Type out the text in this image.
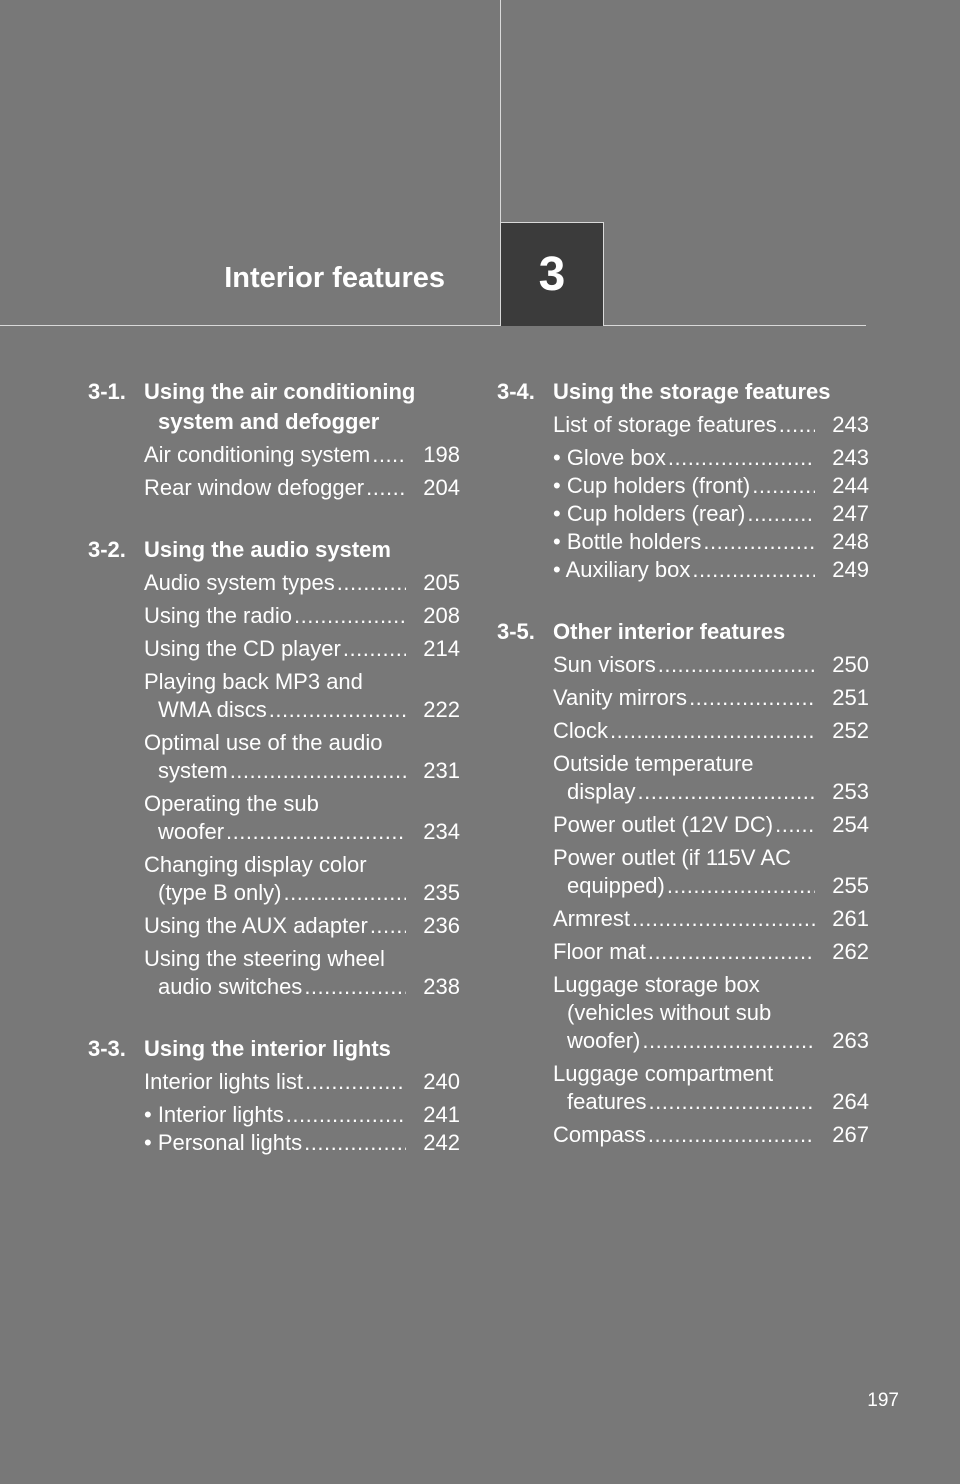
Interior features 3
3-1. Using the air conditioning
system and defogger
Air conditioning system .....	198
Rear window defogger .....	204
3-2. Using the audio system
Audio system types .....	205
Using the radio .....	208
Using the CD player .....	214
Playing back MP3 and
WMA discs .....	222
Optimal use of the audio
system .....	231
Operating the sub
woofer .....	234
Changing display color
(type B only) .....	235
Using the AUX adapter .....	236
Using the steering wheel
audio switches .....	238
3-3. Using the interior lights
Interior lights list .....	240
• Interior lights .....	241
• Personal lights .....	242
3-4. Using the storage features
List of storage features .....	243
• Glove box .....	243
• Cup holders (front) .....	244
• Cup holders (rear) .....	247
• Bottle holders .....	248
• Auxiliary box .....	249
3-5. Other interior features
Sun visors .....	250
Vanity mirrors .....	251
Clock .....	252
Outside temperature
display .....	253
Power outlet (12V DC) .....	254
Power outlet (if 115V AC
equipped) .....	255
Armrest .....	261
Floor mat .....	262
Luggage storage box
(vehicles without sub
woofer) .....	263
Luggage compartment
features .....	264
Compass .....	267
197
